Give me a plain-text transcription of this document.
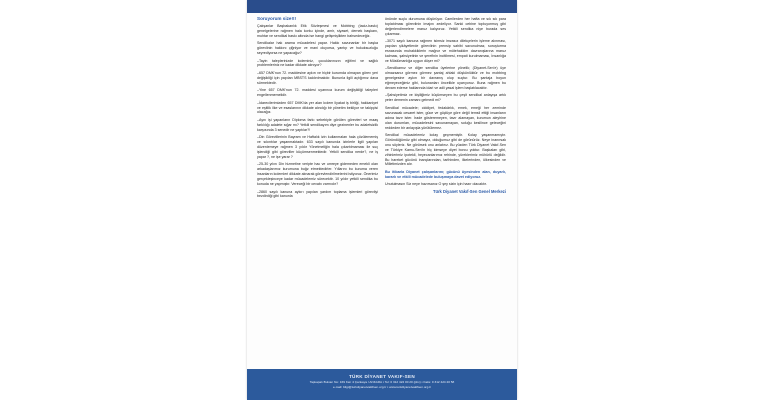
Soruyorum size!!!

Çalışanlar Başbakanlık Etik Sözleşmesi ve Mobbing (taciz-baskı) genelgelerine rağmen hala korku içinde, amir, siyaset, dernek başkanı, muhtar ve sendikal baskı altında ise hangi gelişmişlikten bahsedeceğiz.

Sendikalar hak arama mücadelesi yapar. Hakkı savunanlar bir başka görevlinin hakkını çiğniyor ve mani oluyorsa, yantıp ve hukuksuzluğu seyrediyorsa ne yapacağız?

–Tayin taleplerinizde kıdeminiz, çocuklarınızın eğitimi ve sağlık problemleriniz ne kadar dikkate alınıyor?

–657 DMK'nun 72. maddesine aykırı ve hiçbir kurumda olmayan görev yeri değişikliği için yapılan MBSTS kaldırılmalıdır. Bununla ilgili açtığımız dava sürmektedir.

–Yine 657 DMK'nun 72. maddesi uyarınca kurum değişikliği talepleri engellenmemelidir.

–İdarecilerimizden 657 DMK'da yer alan kıdem liyakat iş birliği, hakkaniyet ve eşitlik ilke ve esaslarının dikkate alındığı bir yönetim bekliyor ve takipçisi olacağız.

–Aynı işi yapanların Diploma farkı sebebiyle görülen görevleri ve maaş farklılığı adalete sığar mı? Yetkili sendikayım diye gezinenler bu adaletsizlik karşısında 3 senedir ne yaptılar?!

–Din Görevlilerinin Bayram ve Haftalık izin kullanmaları hala çözülememiş ve sıkıntılar yaşanmaktadır. 633 sayılı kanunda izinlerle ilgili yapılan düzenlemeye rağmen 3 yıldır Yönetmeliğin hala çıkartılmaması ile suç işlendiği gibi görevliler küçümsenmektedir. Yetkili sendika nerde?, ne iş yapar ?, ne işe yarar ?

–25-30 yılını Din hizmetine veripte hac ve umreye gidemeden emekli olan arkadaşlarımız kurumuna buğz etmektedirler. Yıllarını bu kuruma veren insanların kıdemleri dikkate alınarak görevlendirilmelerini istiyoruz. Önerimiz gerçekleşinceye kadar mücadelemiz sürecektir. 10 yıldır yetkili sendika bu konuda ne yapmıştır. Vereceği bir cevabı varmıdır?

–2860 sayılı kanuna aykırı yapılan yardım toplama işlemleri görevliyi bezdirdiği gibi kanunla

önünde suçlu durumuna düşürüyor. Camilerden her hafta ve sık sık para toplatılması görevlinin imajını zedeliyor. Sanki cebine topluyormuş gibi değerlendirmelere maruz kalıyoruz. Yetkili sendika niye burada ses çıkarmaz.

–3071 sayılı kanuna rağmen isimsiz imzasız dilekçelerin işleme alınması, yapılan şikâyetlerde görevlinin prensip sahibi savunulmaz, soruşturma esnasında muhakkiklerin mağrur ve mütehakkim davranışlarına maruz kalması, şahsiyetinin ve şerefinin incitilmesi, empati kurulmaması, İnsanlığa ve Müslümanlığa uygun düşer mi?

–Sendikamız ve diğer sendika üyelerine yönelik; (Diyanet-Sen'e) üye olmazsanız görmez görmez şantaj ahlaki düşkünlüktür ve bu mobbing genelgesine aykırı bir davranış olup suçtur. Bu şantaja boyun eğmeyeceğimiz gibi, bulunanları öncelikle uyarıyoruz. Buna rağmen bu devam ederse haklarında idari ve adli yasal işlem başlatılacaktır.

–Şahsiyetimiz ve kişiliğimiz küçümseyen bu çeşit sendikal anlayışa artık yeter demenin zamanı gelmedi mi?

Sendikal mücadele; ciddiyet, fedakârlık, emek, emeği her zeminde savunacak cesaret ister, güce ve güçlüye göre değil temsil ettiği insanların adına tavır ister. İrade gösteremeyen, tavır alamayan, kurumun aleyhine olan durumları, mücadelesini savunamayan, soluğu kesilince geleceğini reddeden bir anlayışla yürütülemez.

Sendikal mücadelemiz kolay geçmemiştir. Kolay yaşanmamıştır. Göründüğümüz gibi olmayız, olduğumuz gibi de görünürüz. Neye inanırsak onu söyleriz. Ne görürsek onu anlatırız. Bu yüzden Türk Diyanet Vakıf-Sen ve Türkiye Kamu-Sen'in hiç kimseye diyet borcu yoktur. Başkaları gibi, zihinlerimiz ipotekli, heyecanlarımız rehinde, yüreklerimiz mühürlü değildir. Bu hareket gücünü inançlarından, tarihinden, ilkelerinden, ülkesinden ve Milletimizden alır.

Bu itibarla Diyanet çalışanlarını; gücünü üyesinden alan, duyarlı, kararlı ve etkili mücadelede buluşmaya davet ediyoruz.

Unutulmasın Siz neye hazırsanız O şey sizin için hazır olacaktır.

Türk Diyanet Vakıf-Sen Genel Merkezi

TÜRK DİYANET VAKIF-SEN
Taşkapalı Bulvarı No: 169 Kat: 4 Çankaya / ANKARA ▪ Tel: 0 312 424 00 20 (pbx) ▪ Faks: 0 312 424 20 58
e-mail: bilgi@turkdiyanetvakifsen.org.tr ▪ www.turkdiyanetvakifsen.org.tr
